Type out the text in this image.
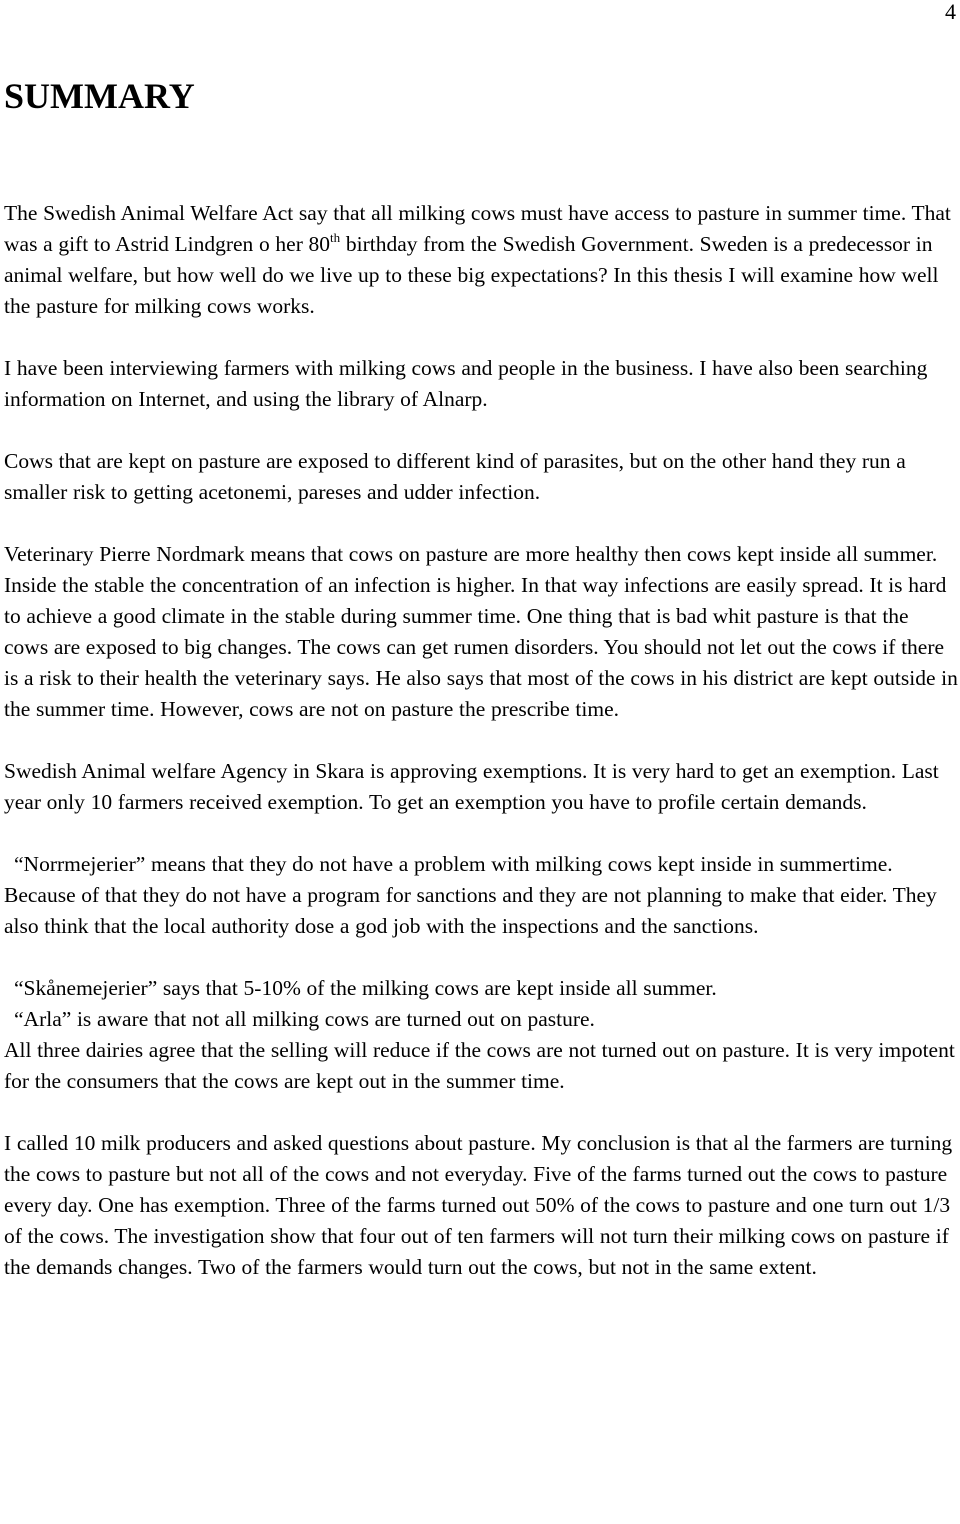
4
SUMMARY

The Swedish Animal Welfare Act say that all milking cows must have access to pasture in summer time. That was a gift to Astrid Lindgren o her 80th birthday from the Swedish Government. Sweden is a predecessor in animal welfare, but how well do we live up to these big expectations? In this thesis I will examine how well the pasture for milking cows works.

I have been interviewing farmers with milking cows and people in the business. I have also been searching information on Internet, and using the library of Alnarp.

Cows that are kept on pasture are exposed to different kind of parasites, but on the other hand they run a smaller risk to getting acetonemi, pareses and udder infection.

Veterinary Pierre Nordmark means that cows on pasture are more healthy then cows kept inside all summer. Inside the stable the concentration of an infection is higher. In that way infections are easily spread. It is hard to achieve a good climate in the stable during summer time. One thing that is bad whit pasture is that the cows are exposed to big changes. The cows can get rumen disorders. You should not let out the cows if there is a risk to their health the veterinary says. He also says that most of the cows in his district are kept outside in the summer time. However, cows are not on pasture the prescribe time.

Swedish Animal welfare Agency in Skara is approving exemptions. It is very hard to get an exemption. Last year only 10 farmers received exemption. To get an exemption you have to profile certain demands.

“Norrmejerier” means that they do not have a problem with milking cows kept inside in summertime. Because of that they do not have a program for sanctions and they are not planning to make that eider. They also think that the local authority dose a god job with the inspections and the sanctions.

“Skånemejerier” says that 5-10% of the milking cows are kept inside all summer.

“Arla” is aware that not all milking cows are turned out on pasture.

All three dairies agree that the selling will reduce if the cows are not turned out on pasture. It is very impotent for the consumers that the cows are kept out in the summer time.

I called 10 milk producers and asked questions about pasture. My conclusion is that al the farmers are turning the cows to pasture but not all of the cows and not everyday. Five of the farms turned out the cows to pasture every day. One has exemption. Three of the farms turned out 50% of the cows to pasture and one turn out 1/3 of the cows. The investigation show that four out of ten farmers will not turn their milking cows on pasture if the demands changes. Two of the farmers would turn out the cows, but not in the same extent.
